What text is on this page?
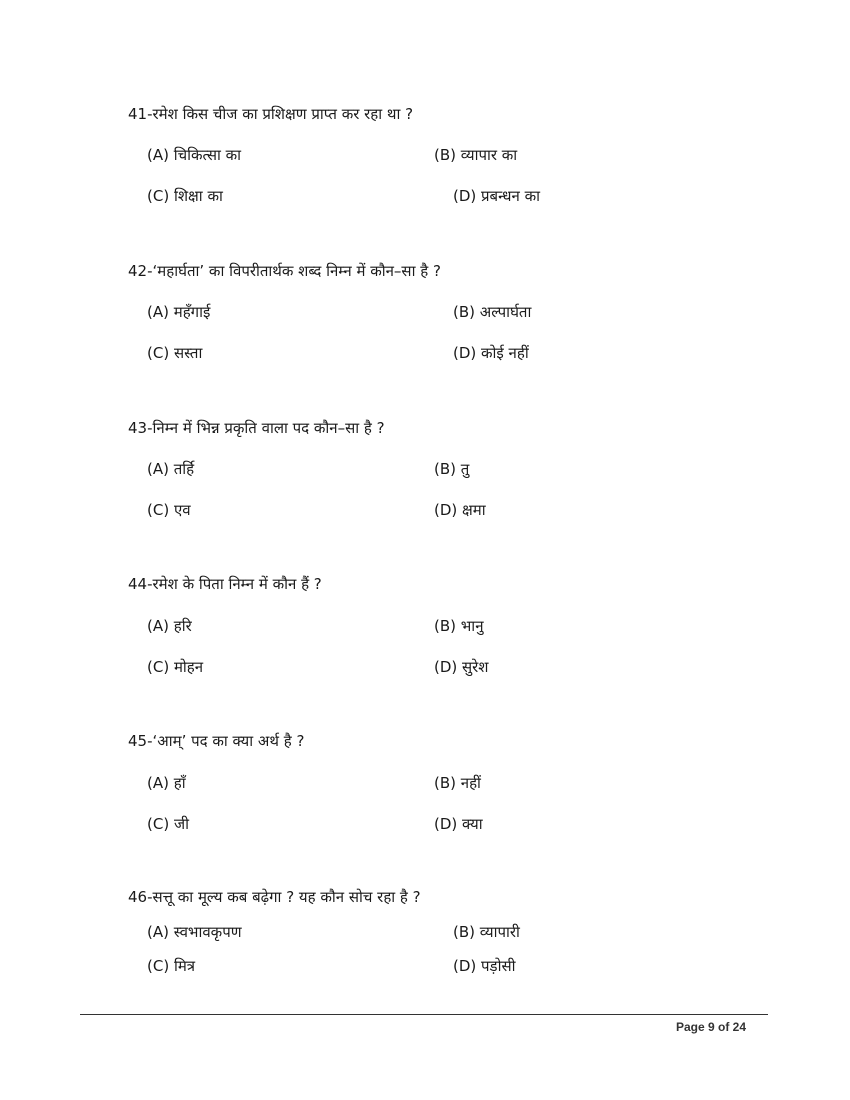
41-रमेश किस चीज का प्रशिक्षण प्राप्त कर रहा था ?
(A) चिकित्सा का	(B) व्यापार का
(C) शिक्षा का	(D) प्रबन्धन का
42-‘महार्घता’ का विपरीतार्थक शब्द निम्न में कौन–सा है ?
(A) महँगाई	(B) अल्पार्घता
(C) सस्ता	(D) कोई नहीं
43-निम्न में भिन्न प्रकृति वाला पद कौन–सा है ?
(A) तर्हि	(B) तु
(C) एव	(D) क्षमा
44-रमेश के पिता निम्न में कौन हैं ?
(A) हरि	(B) भानु
(C) मोहन	(D) सुरेश
45-‘आम्’ पद का क्या अर्थ है ?
(A) हाँ	(B) नहीं
(C) जी	(D) क्या
46-सत्तू का मूल्य कब बढ़ेगा ? यह कौन सोच रहा है ?
(A) स्वभावकृपण	(B) व्यापारी
(C) मित्र	(D) पड़ोसी
Page 9 of 24
